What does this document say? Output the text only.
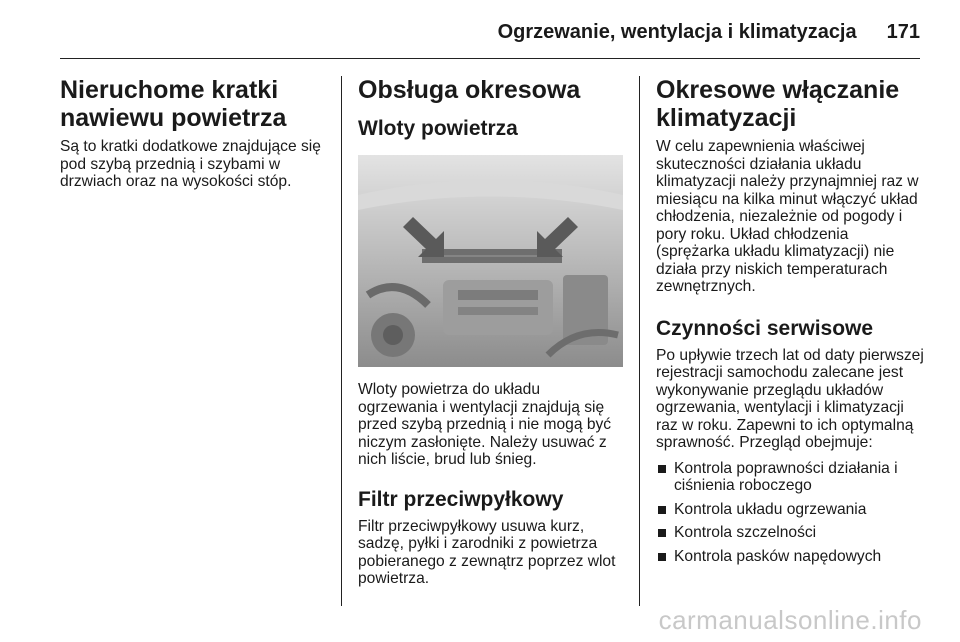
Ogrzewanie, wentylacja i klimatyzacja 171
Nieruchome kratki nawiewu powietrza

Są to kratki dodatkowe znajdujące się pod szybą przednią i szybami w drzwiach oraz na wysokości stóp.

Obsługa okresowa
Wloty powietrza

Wloty powietrza do układu ogrzewania i wentylacji znajdują się przed szybą przednią i nie mogą być niczym zasłonięte. Należy usuwać z nich liście, brud lub śnieg.

Filtr przeciwpyłkowy

Filtr przeciwpyłkowy usuwa kurz, sadzę, pyłki i zarodniki z powietrza pobieranego z zewnątrz poprzez wlot powietrza.

Okresowe włączanie klimatyzacji

W celu zapewnienia właściwej skuteczności działania układu klimatyzacji należy przynajmniej raz w miesiącu na kilka minut włączyć układ chłodzenia, niezależnie od pogody i pory roku. Układ chłodzenia (sprężarka układu klimatyzacji) nie działa przy niskich temperaturach zewnętrznych.

Czynności serwisowe

Po upływie trzech lat od daty pierwszej rejestracji samochodu zalecane jest wykonywanie przeglądu układów ogrzewania, wentylacji i klimatyzacji raz w roku. Zapewni to ich optymalną sprawność. Przegląd obejmuje:

Kontrola poprawności działania i ciśnienia roboczego
Kontrola układu ogrzewania
Kontrola szczelności
Kontrola pasków napędowych
carmanualsonline.info
